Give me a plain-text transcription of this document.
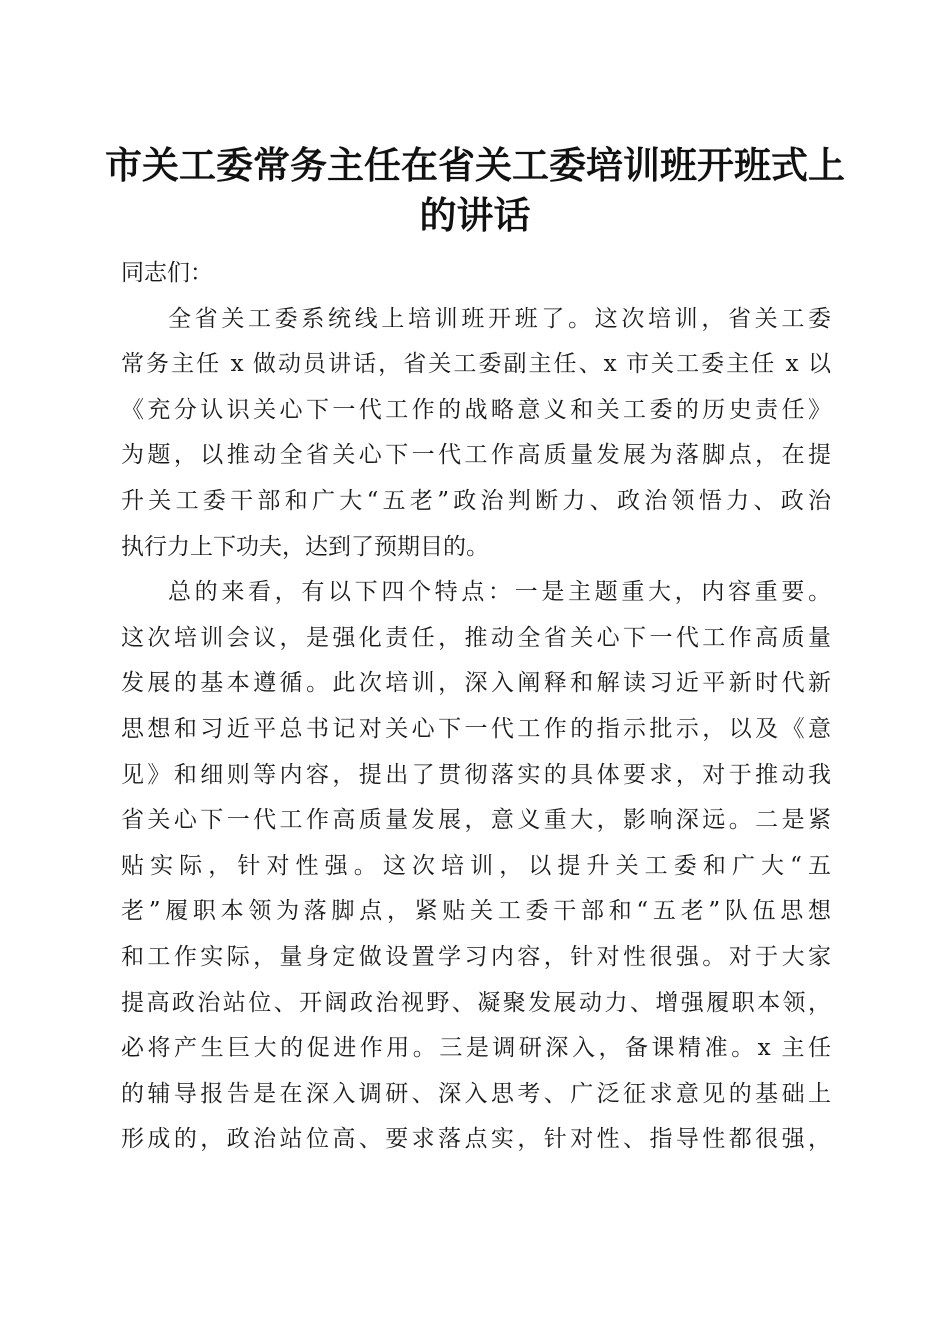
市关工委常务主任在省关工委培训班开班式上
的讲话

同志们：

全省关工委系统线上培训班开班了。这次培训，省关工委
常务主任 x 做动员讲话，省关工委副主任、x 市关工委主任 x 以
《充分认识关心下一代工作的战略意义和关工委的历史责任》
为题，以推动全省关心下一代工作高质量发展为落脚点，在提
升关工委干部和广大“五老”政治判断力、政治领悟力、政治
执行力上下功夫，达到了预期目的。

总的来看，有以下四个特点：一是主题重大，内容重要。
这次培训会议，是强化责任，推动全省关心下一代工作高质量
发展的基本遵循。此次培训，深入阐释和解读习近平新时代新
思想和习近平总书记对关心下一代工作的指示批示，以及《意
见》和细则等内容，提出了贯彻落实的具体要求，对于推动我
省关心下一代工作高质量发展，意义重大，影响深远。二是紧
贴实际，针对性强。这次培训，以提升关工委和广大“五
老”履职本领为落脚点，紧贴关工委干部和“五老”队伍思想
和工作实际，量身定做设置学习内容，针对性很强。对于大家
提高政治站位、开阔政治视野、凝聚发展动力、增强履职本领，
必将产生巨大的促进作用。三是调研深入，备课精准。x 主任
的辅导报告是在深入调研、深入思考、广泛征求意见的基础上
形成的，政治站位高、要求落点实，针对性、指导性都很强，
